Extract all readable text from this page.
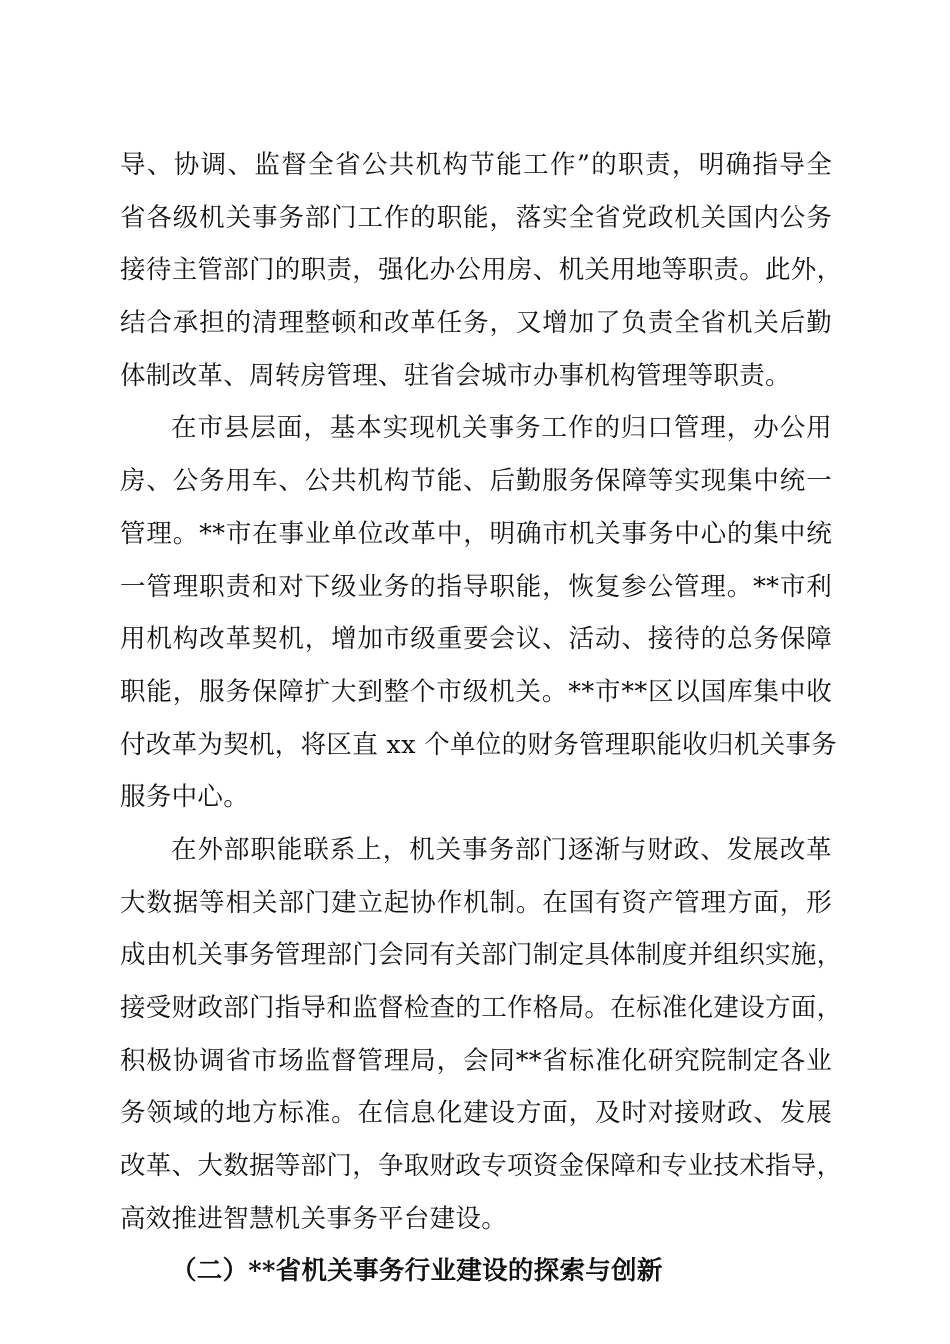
导、协调、监督全省公共机构节能工作”的职责，明确指导全
省各级机关事务部门工作的职能，落实全省党政机关国内公务
接待主管部门的职责，强化办公用房、机关用地等职责。此外，
结合承担的清理整顿和改革任务，又增加了负责全省机关后勤
体制改革、周转房管理、驻省会城市办事机构管理等职责。
在市县层面，基本实现机关事务工作的归口管理，办公用
房、公务用车、公共机构节能、后勤服务保障等实现集中统一
管理。**市在事业单位改革中，明确市机关事务中心的集中统
一管理职责和对下级业务的指导职能，恢复参公管理。**市利
用机构改革契机，增加市级重要会议、活动、接待的总务保障
职能，服务保障扩大到整个市级机关。**市**区以国库集中收
付改革为契机，将区直 xx 个单位的财务管理职能收归机关事务
服务中心。
在外部职能联系上，机关事务部门逐渐与财政、发展改革
大数据等相关部门建立起协作机制。在国有资产管理方面，形
成由机关事务管理部门会同有关部门制定具体制度并组织实施，
接受财政部门指导和监督检查的工作格局。在标准化建设方面，
积极协调省市场监督管理局，会同**省标准化研究院制定各业
务领域的地方标准。在信息化建设方面，及时对接财政、发展
改革、大数据等部门，争取财政专项资金保障和专业技术指导，
高效推进智慧机关事务平台建设。
（二）**省机关事务行业建设的探索与创新
